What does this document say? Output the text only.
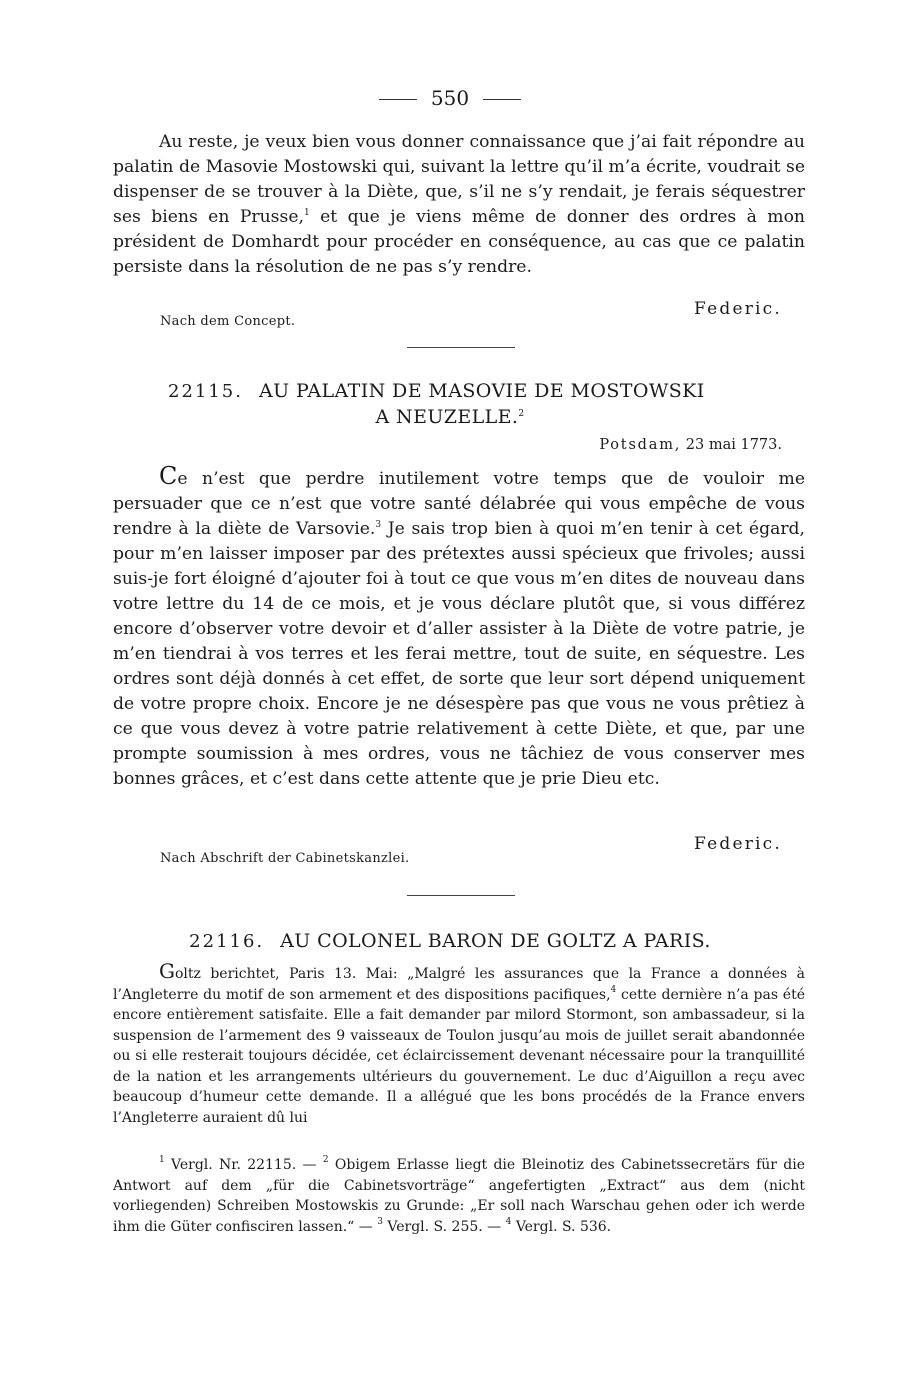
550

Au reste, je veux bien vous donner connaissance que j’ai fait répondre au palatin de Masovie Mostowski qui, suivant la lettre qu’il m’a écrite, voudrait se dispenser de se trouver à la Diète, que, s’il ne s’y rendait, je ferais séquestrer ses biens en Prusse,$^1$ et que je viens même de donner des ordres à mon président de Domhardt pour procéder en conséquence, au cas que ce palatin persiste dans la résolution de ne pas s’y rendre.

Federic.
Nach dem Concept.
22115. AU PALATIN DE MASOVIE DE MOSTOWSKI
A NEUZELLE.$^2$
Potsdam, 23 mai 1773.

Ce n’est que perdre inutilement votre temps que de vouloir me persuader que ce n’est que votre santé délabrée qui vous empêche de vous rendre à la diète de Varsovie.$^3$ Je sais trop bien à quoi m’en tenir à cet égard, pour m’en laisser imposer par des prétextes aussi spécieux que frivoles; aussi suis-je fort éloigné d’ajouter foi à tout ce que vous m’en dites de nouveau dans votre lettre du 14 de ce mois, et je vous déclare plutôt que, si vous différez encore d’observer votre devoir et d’aller assister à la Diète de votre patrie, je m’en tiendrai à vos terres et les ferai mettre, tout de suite, en séquestre. Les ordres sont déjà donnés à cet effet, de sorte que leur sort dépend uniquement de votre propre choix. Encore je ne désespère pas que vous ne vous prêtiez à ce que vous devez à votre patrie relativement à cette Diète, et que, par une prompte soumission à mes ordres, vous ne tâchiez de vous conserver mes bonnes grâces, et c’est dans cette attente que je prie Dieu etc.

Federic.
Nach Abschrift der Cabinetskanzlei.
22116. AU COLONEL BARON DE GOLTZ A PARIS.

Goltz berichtet, Paris 13. Mai: „Malgré les assurances que la France a données à l’Angleterre du motif de son armement et des dispositions pacifiques,$^4$ cette dernière n’a pas été encore entièrement satisfaite. Elle a fait demander par milord Stormont, son ambassadeur, si la suspension de l’armement des 9 vaisseaux de Toulon jusqu’au mois de juillet serait abandonnée ou si elle resterait toujours décidée, cet éclaircissement devenant nécessaire pour la tranquillité de la nation et les arrangements ultérieurs du gouvernement. Le duc d’Aiguillon a reçu avec beaucoup d’humeur cette demande. Il a allégué que les bons procédés de la France envers l’Angleterre auraient dû lui

$^1$ Vergl. Nr. 22115. — $^2$ Obigem Erlasse liegt die Bleinotiz des Cabinetssecretärs für die Antwort auf dem „für die Cabinetsvorträge“ angefertigten „Extract“ aus dem (nicht vorliegenden) Schreiben Mostowskis zu Grunde: „Er soll nach Warschau gehen oder ich werde ihm die Güter confisciren lassen.“ — $^3$ Vergl. S. 255. — $^4$ Vergl. S. 536.
